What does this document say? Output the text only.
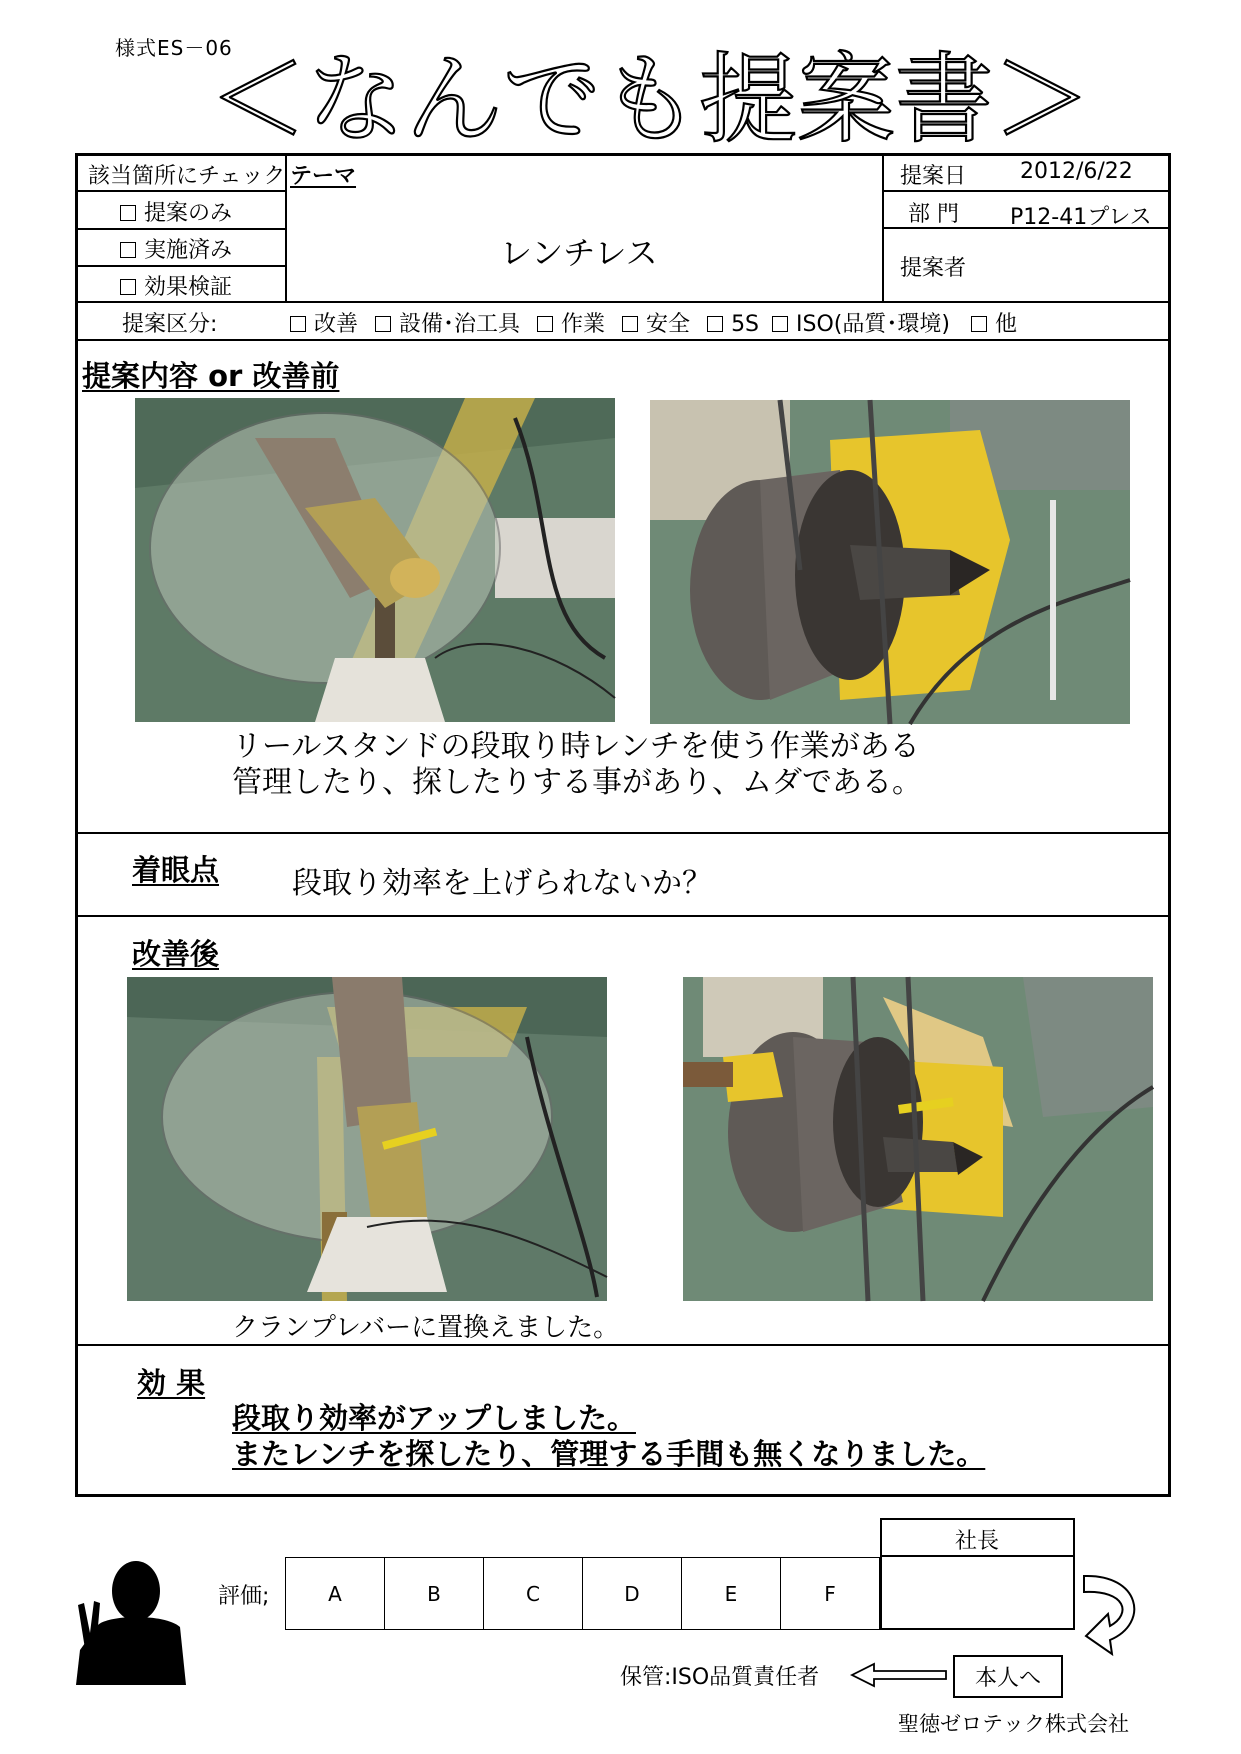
様式ES－06
＜なんでも提案書＞
該当箇所にチェック
提案のみ
実施済み
効果検証
テーマ
レンチレス
提案日 2012/6/22
部 門 P12-41プレス
提案者
提案区分:	改善 設備･治工具 作業 安全 5S ISO(品質･環境) 他
提案内容 or 改善前
リールスタンドの段取り時レンチを使う作業がある
管理したり、探したりする事があり、ムダである。
着眼点 段取り効率を上げられないか？
改善後
クランプレバーに置換えました。
効 果
段取り効率がアップしました。
またレンチを探したり、管理する手間も無くなりました。
評価;	A	B	C	D	E	F
社長
保管:ISO品質責任者	本人へ
聖徳ゼロテック株式会社
